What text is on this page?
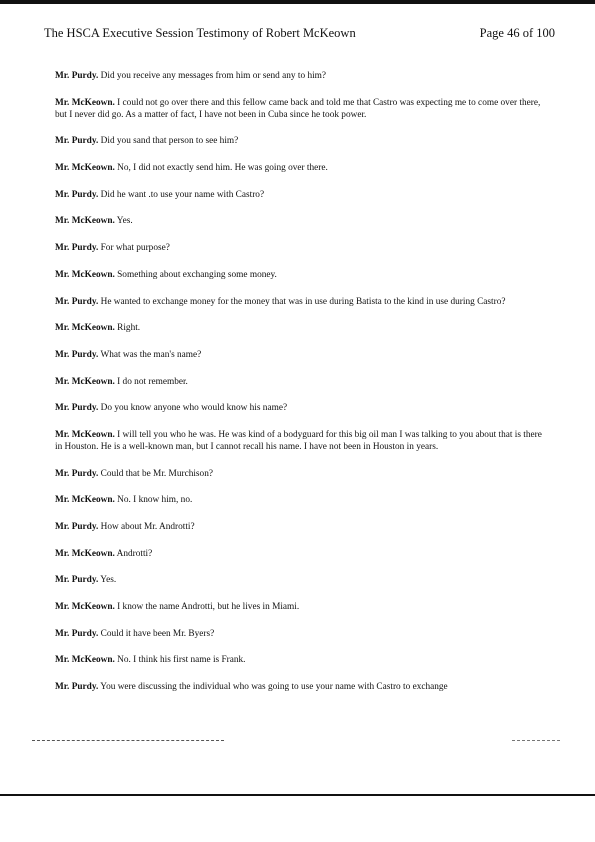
The HSCA Executive Session Testimony of Robert McKeown	Page 46 of 100

Mr. Purdy. Did you receive any messages from him or send any to him?

Mr. McKeown. I could not go over there and this fellow came back and told me that Castro was expecting me to come over there, but I never did go. As a matter of fact, I have not been in Cuba since he took power.

Mr. Purdy. Did you sand that person to see him?

Mr. McKeown. No, I did not exactly send him. He was going over there.

Mr. Purdy. Did he want .to use your name with Castro?

Mr. McKeown. Yes.

Mr. Purdy. For what purpose?

Mr. McKeown. Something about exchanging some money.

Mr. Purdy. He wanted to exchange money for the money that was in use during Batista to the kind in use during Castro?

Mr. McKeown. Right.

Mr. Purdy. What was the man's name?

Mr. McKeown. I do not remember.

Mr. Purdy. Do you know anyone who would know his name?

Mr. McKeown. I will tell you who he was. He was kind of a bodyguard for this big oil man I was talking to you about that is there in Houston. He is a well-known man, but I cannot recall his name. I have not been in Houston in years.

Mr. Purdy. Could that be Mr. Murchison?

Mr. McKeown. No. I know him, no.

Mr. Purdy. How about Mr. Androtti?

Mr. McKeown. Androtti?

Mr. Purdy. Yes.

Mr. McKeown. I know the name Androtti, but he lives in Miami.

Mr. Purdy. Could it have been Mr. Byers?

Mr. McKeown. No. I think his first name is Frank.

Mr. Purdy. You were discussing the individual who was going to use your name with Castro to exchange
